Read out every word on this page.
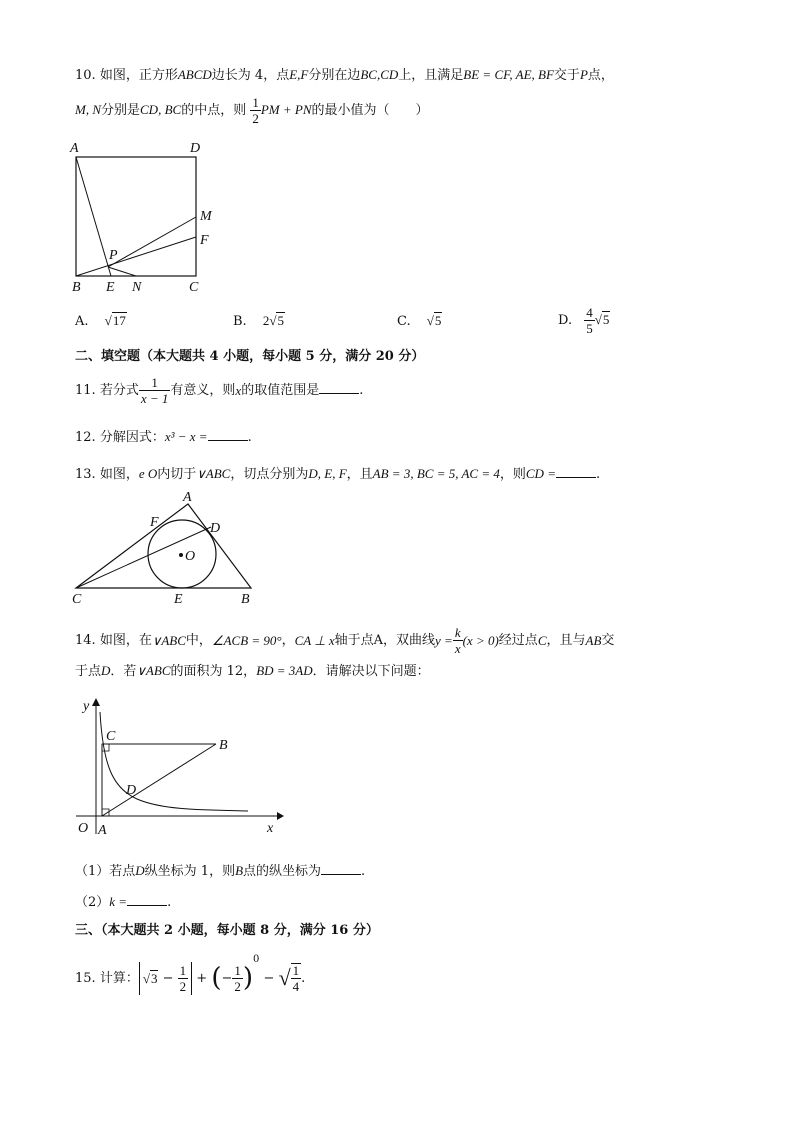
10. 如图，正方形ABCD边长为 4，点E,F分别在边BC,CD上，且满足BE = CF, AE, BF交于P点，
M, N分别是CD, BC的中点，则 $\frac{1}{2}$ PM + PN的最小值为（　　）
A	D
M
F
P
B E N	C
A. √17	B. 2√5	C. √5	D. $\frac{4}{5} √5$
二、填空题（本大题共 4 小题，每小题 5 分，满分 20 分）
11. 若分式 $\frac{1}{x - 1}$ 有意义，则x的取值范围是	.
12. 分解因式：x³ − x =	.
13. 如图，e O内切于∨ABC，切点分别为D, E, F，且AB = 3, BC = 5, AC = 4，则CD =	.
A
F	D
O
C	E	B
14. 如图，在∨ABC中，∠ACB = 90°，CA ⊥ x轴于点A，双曲线$y = \frac{k}{x} (x > 0)$经过点C，且与AB交
于点D．若∨ABC的面积为 12，BD = 3AD．请解决以下问题：
y
x
O A
C
B
D
（1）若点D纵坐标为 1，则B点的纵坐标为	.
（2）k =	.
三、（本大题共 2 小题，每小题 8 分，满分 16 分）
15.
计算： $√3 - \frac{1}{2}$ + ( − $\frac{1}{2}$ )
0
− √ $\frac{1}{4}$ .
